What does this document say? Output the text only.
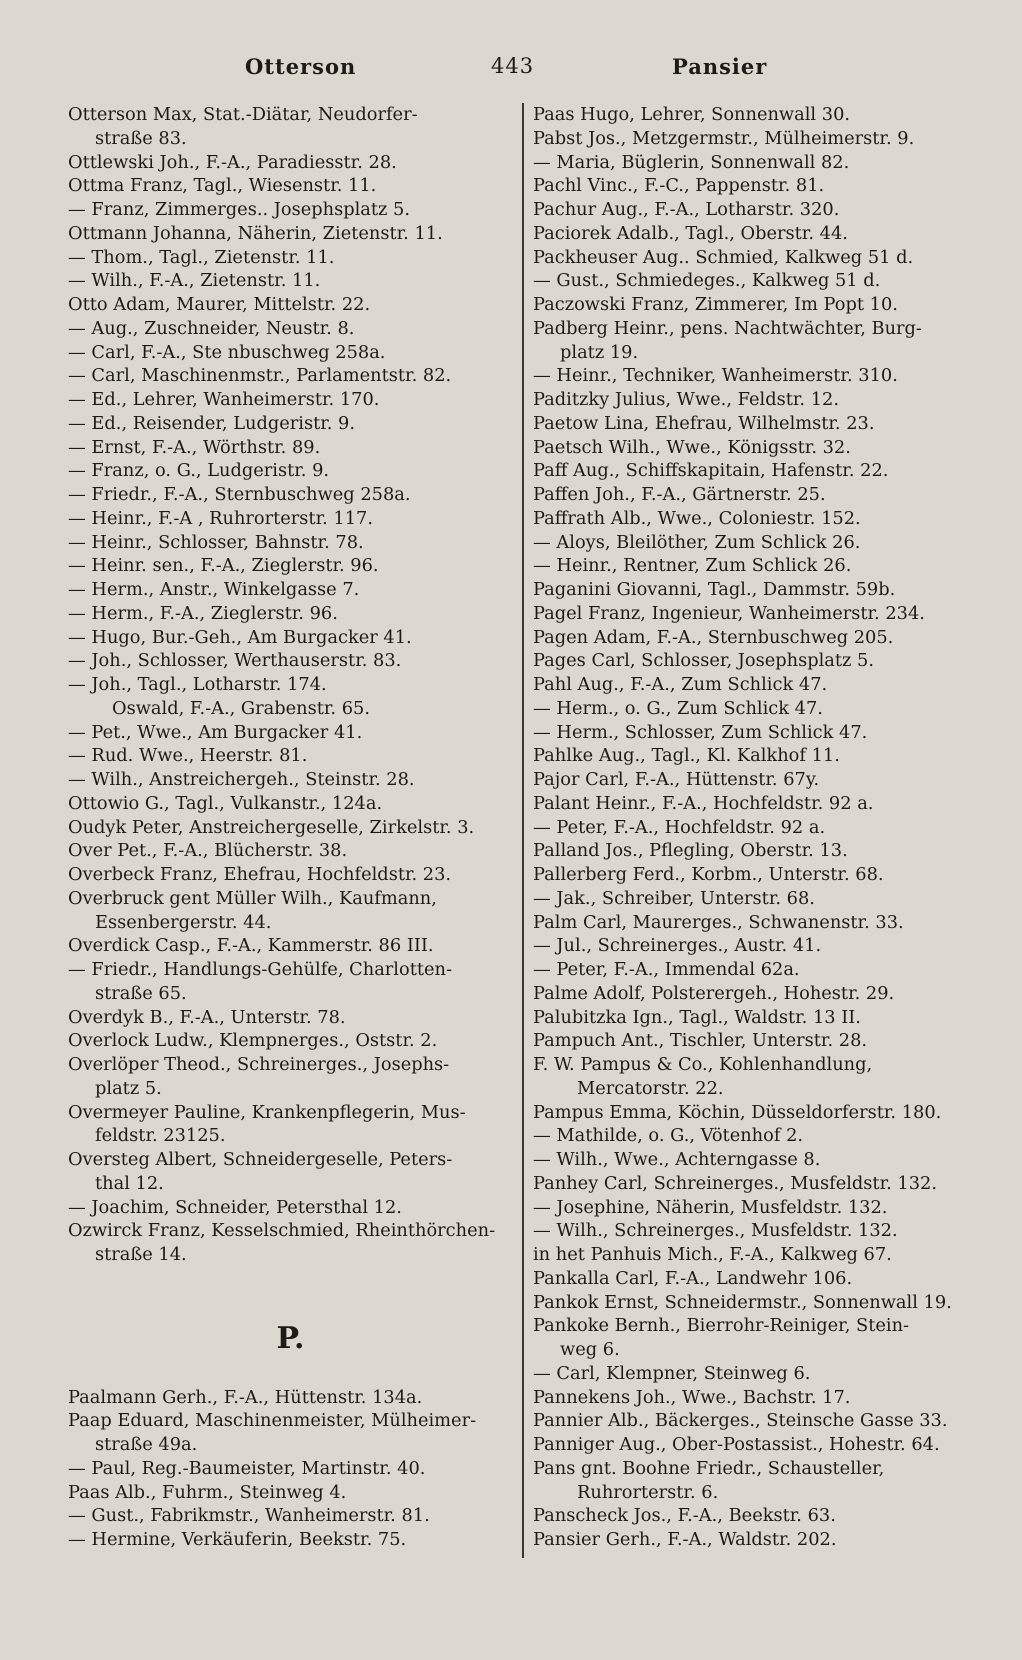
Otterson	443	Pansier
Otterson Max, Stat.-Diätar, Neudorfer-
straße 83.
Ottlewski Joh., F.-A., Paradiesstr. 28.
Ottma Franz, Tagl., Wiesenstr. 11.
— Franz, Zimmerges.. Josephsplatz 5.
Ottmann Johanna, Näherin, Zietenstr. 11.
— Thom., Tagl., Zietenstr. 11.
— Wilh., F.-A., Zietenstr. 11.
Otto Adam, Maurer, Mittelstr. 22.
— Aug., Zuschneider, Neustr. 8.
— Carl, F.-A., Ste nbuschweg 258a.
— Carl, Maschinenmstr., Parlamentstr. 82.
— Ed., Lehrer, Wanheimerstr. 170.
— Ed., Reisender, Ludgeristr. 9.
— Ernst, F.-A., Wörthstr. 89.
— Franz, o. G., Ludgeristr. 9.
— Friedr., F.-A., Sternbuschweg 258a.
— Heinr., F.-A , Ruhrorterstr. 117.
— Heinr., Schlosser, Bahnstr. 78.
— Heinr. sen., F.-A., Zieglerstr. 96.
— Herm., Anstr., Winkelgasse 7.
— Herm., F.-A., Zieglerstr. 96.
— Hugo, Bur.-Geh., Am Burgacker 41.
— Joh., Schlosser, Werthauserstr. 83.
— Joh., Tagl., Lotharstr. 174.
Oswald, F.-A., Grabenstr. 65.
— Pet., Wwe., Am Burgacker 41.
— Rud. Wwe., Heerstr. 81.
— Wilh., Anstreichergeh., Steinstr. 28.
Ottowio G., Tagl., Vulkanstr., 124a.
Oudyk Peter, Anstreichergeselle, Zirkelstr. 3.
Over Pet., F.-A., Blücherstr. 38.
Overbeck Franz, Ehefrau, Hochfeldstr. 23.
Overbruck gent Müller Wilh., Kaufmann,
Essenbergerstr. 44.
Overdick Casp., F.-A., Kammerstr. 86 III.
— Friedr., Handlungs-Gehülfe, Charlotten-
straße 65.
Overdyk B., F.-A., Unterstr. 78.
Overlock Ludw., Klempnerges., Oststr. 2.
Overlöper Theod., Schreinerges., Josephs-
platz 5.
Overmeyer Pauline, Krankenpflegerin, Mus-
feldstr. 23125.
Oversteg Albert, Schneidergeselle, Peters-
thal 12.
— Joachim, Schneider, Petersthal 12.
Ozwirck Franz, Kesselschmied, Rheinthörchen-
straße 14.
P.
Paalmann Gerh., F.-A., Hüttenstr. 134a.
Paap Eduard, Maschinenmeister, Mülheimer-
straße 49a.
— Paul, Reg.-Baumeister, Martinstr. 40.
Paas Alb., Fuhrm., Steinweg 4.
— Gust., Fabrikmstr., Wanheimerstr. 81.
— Hermine, Verkäuferin, Beekstr. 75.
Paas Hugo, Lehrer, Sonnenwall 30.
Pabst Jos., Metzgermstr., Mülheimerstr. 9.
— Maria, Büglerin, Sonnenwall 82.
Pachl Vinc., F.-C., Pappenstr. 81.
Pachur Aug., F.-A., Lotharstr. 320.
Paciorek Adalb., Tagl., Oberstr. 44.
Packheuser Aug.. Schmied, Kalkweg 51 d.
— Gust., Schmiedeges., Kalkweg 51 d.
Paczowski Franz, Zimmerer, Im Popt 10.
Padberg Heinr., pens. Nachtwächter, Burg-
platz 19.
— Heinr., Techniker, Wanheimerstr. 310.
Paditzky Julius, Wwe., Feldstr. 12.
Paetow Lina, Ehefrau, Wilhelmstr. 23.
Paetsch Wilh., Wwe., Königsstr. 32.
Paff Aug., Schiffskapitain, Hafenstr. 22.
Paffen Joh., F.-A., Gärtnerstr. 25.
Paffrath Alb., Wwe., Coloniestr. 152.
— Aloys, Bleilöther, Zum Schlick 26.
— Heinr., Rentner, Zum Schlick 26.
Paganini Giovanni, Tagl., Dammstr. 59b.
Pagel Franz, Ingenieur, Wanheimerstr. 234.
Pagen Adam, F.-A., Sternbuschweg 205.
Pages Carl, Schlosser, Josephsplatz 5.
Pahl Aug., F.-A., Zum Schlick 47.
— Herm., o. G., Zum Schlick 47.
— Herm., Schlosser, Zum Schlick 47.
Pahlke Aug., Tagl., Kl. Kalkhof 11.
Pajor Carl, F.-A., Hüttenstr. 67y.
Palant Heinr., F.-A., Hochfeldstr. 92 a.
— Peter, F.-A., Hochfeldstr. 92 a.
Palland Jos., Pflegling, Oberstr. 13.
Pallerberg Ferd., Korbm., Unterstr. 68.
— Jak., Schreiber, Unterstr. 68.
Palm Carl, Maurerges., Schwanenstr. 33.
— Jul., Schreinerges., Austr. 41.
— Peter, F.-A., Immendal 62a.
Palme Adolf, Polsterergeh., Hohestr. 29.
Palubitzka Ign., Tagl., Waldstr. 13 II.
Pampuch Ant., Tischler, Unterstr. 28.
F. W. Pampus & Co., Kohlenhandlung,
Mercatorstr. 22.
Pampus Emma, Köchin, Düsseldorferstr. 180.
— Mathilde, o. G., Vötenhof 2.
— Wilh., Wwe., Achterngasse 8.
Panhey Carl, Schreinerges., Musfeldstr. 132.
— Josephine, Näherin, Musfeldstr. 132.
— Wilh., Schreinerges., Musfeldstr. 132.
in het Panhuis Mich., F.-A., Kalkweg 67.
Pankalla Carl, F.-A., Landwehr 106.
Pankok Ernst, Schneidermstr., Sonnenwall 19.
Pankoke Bernh., Bierrohr-Reiniger, Stein-
weg 6.
— Carl, Klempner, Steinweg 6.
Pannekens Joh., Wwe., Bachstr. 17.
Pannier Alb., Bäckerges., Steinsche Gasse 33.
Panniger Aug., Ober-Postassist., Hohestr. 64.
Pans gnt. Boohne Friedr., Schausteller,
Ruhrorterstr. 6.
Panscheck Jos., F.-A., Beekstr. 63.
Pansier Gerh., F.-A., Waldstr. 202.
